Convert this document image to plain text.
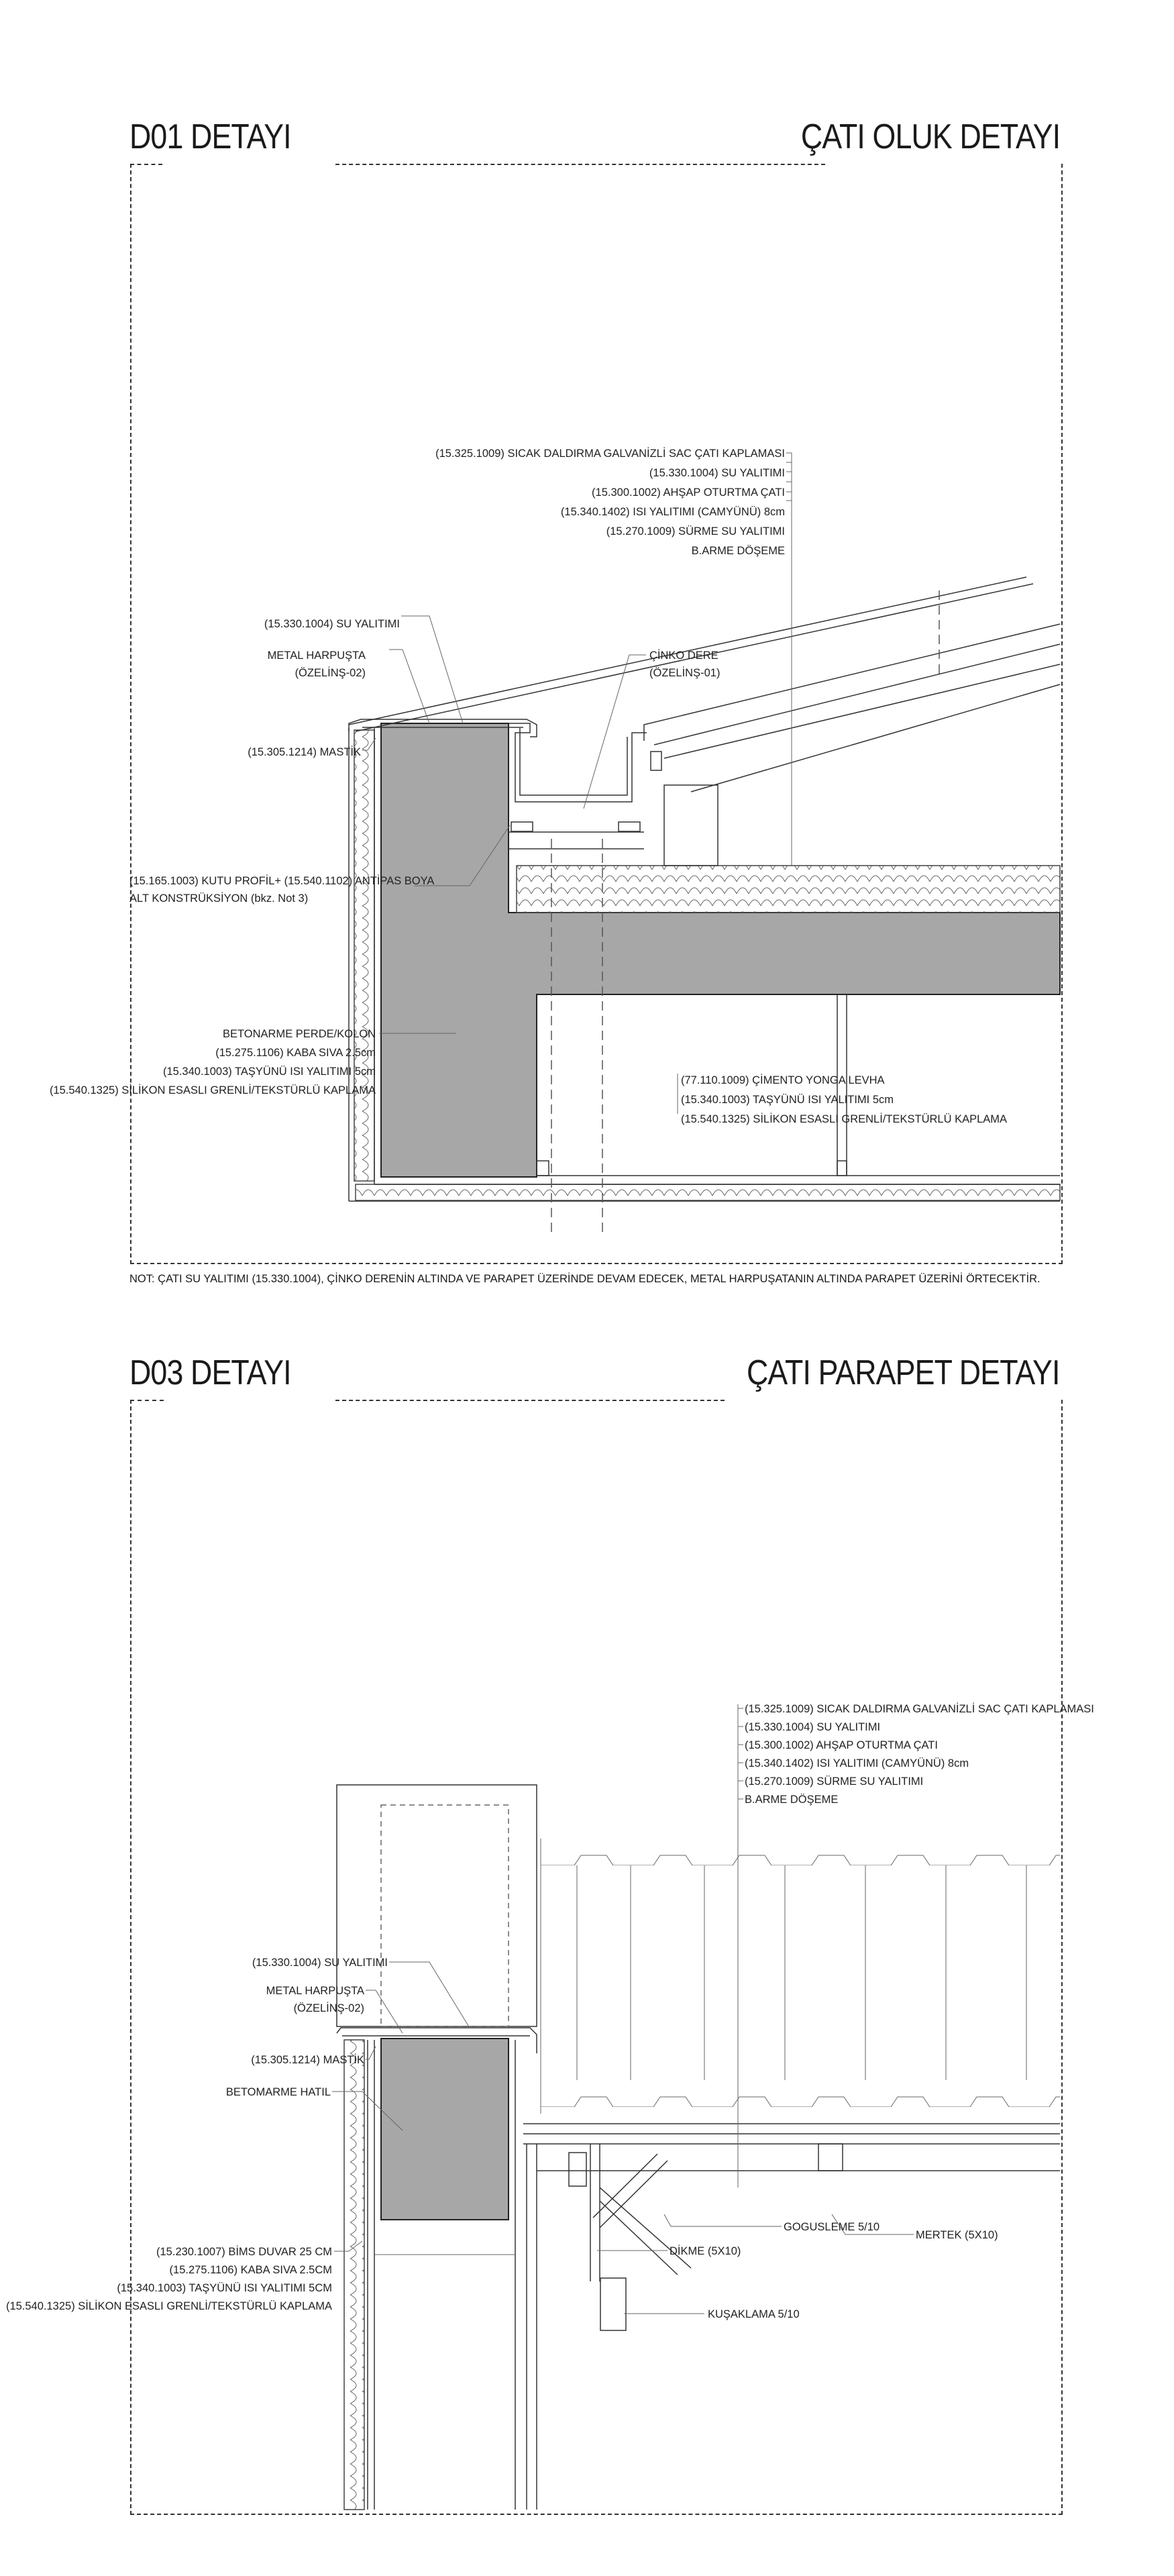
D01 DETAYI	ÇATI OLUK DETAYI
(15.325.1009) SICAK DALDIRMA GALVANİZLİ SAC ÇATI KAPLAMASI
(15.330.1004) SU YALITIMI
(15.300.1002) AHŞAP OTURTMA ÇATI
(15.340.1402) ISI YALITIMI (CAMYÜNÜ) 8cm
(15.270.1009) SÜRME SU YALITIMI
B.ARME DÖŞEME
(15.330.1004) SU YALITIMI
METAL HARPUŞTA
(ÖZELİNŞ-02)
(15.305.1214) MASTİK
ÇİNKO DERE
(ÖZELİNŞ-01)
(15.165.1003) KUTU PROFİL+ (15.540.1102) ANTİPAS BOYA
ALT KONSTRÜKSİYON (bkz. Not 3)
BETONARME PERDE/KOLON
(15.275.1106) KABA SIVA 2.5cm
(15.340.1003) TAŞYÜNÜ ISI YALITIMI 5cm
(15.540.1325) SİLİKON ESASLI GRENLİ/TEKSTÜRLÜ KAPLAMA
(77.110.1009) ÇİMENTO YONGA LEVHA
(15.340.1003) TAŞYÜNÜ ISI YALITIMI 5cm
(15.540.1325) SİLİKON ESASLI GRENLİ/TEKSTÜRLÜ KAPLAMA
(15.325.1009) SICAK DALDIRMA GALVANİZLİ SAC ÇATI KAPLAMASI
(15.330.1004) SU YALITIMI
(15.300.1002) AHŞAP OTURTMA ÇATI
(15.340.1402) ISI YALITIMI (CAMYÜNÜ) 8cm
(15.270.1009) SÜRME SU YALITIMI
B.ARME DÖŞEME
(15.330.1004) SU YALITIMI
METAL HARPUŞTA
(ÖZELİNŞ-02)
(15.305.1214) MASTİK
BETOMARME HATIL
GOGUSLEME 5/10
MERTEK (5X10)
DİKME (5X10)
KUŞAKLAMA 5/10
(15.230.1007) BİMS DUVAR 25 CM
(15.275.1106) KABA SIVA 2.5CM
(15.340.1003) TAŞYÜNÜ ISI YALITIMI 5CM
(15.540.1325) SİLİKON ESASLI GRENLİ/TEKSTÜRLÜ KAPLAMA
NOT: ÇATI SU YALITIMI (15.330.1004), ÇİNKO DERENİN ALTINDA VE PARAPET ÜZERİNDE DEVAM EDECEK, METAL HARPUŞATANIN ALTINDA PARAPET ÜZERİNİ ÖRTECEKTİR.
D03 DETAYI	ÇATI PARAPET DETAYI
